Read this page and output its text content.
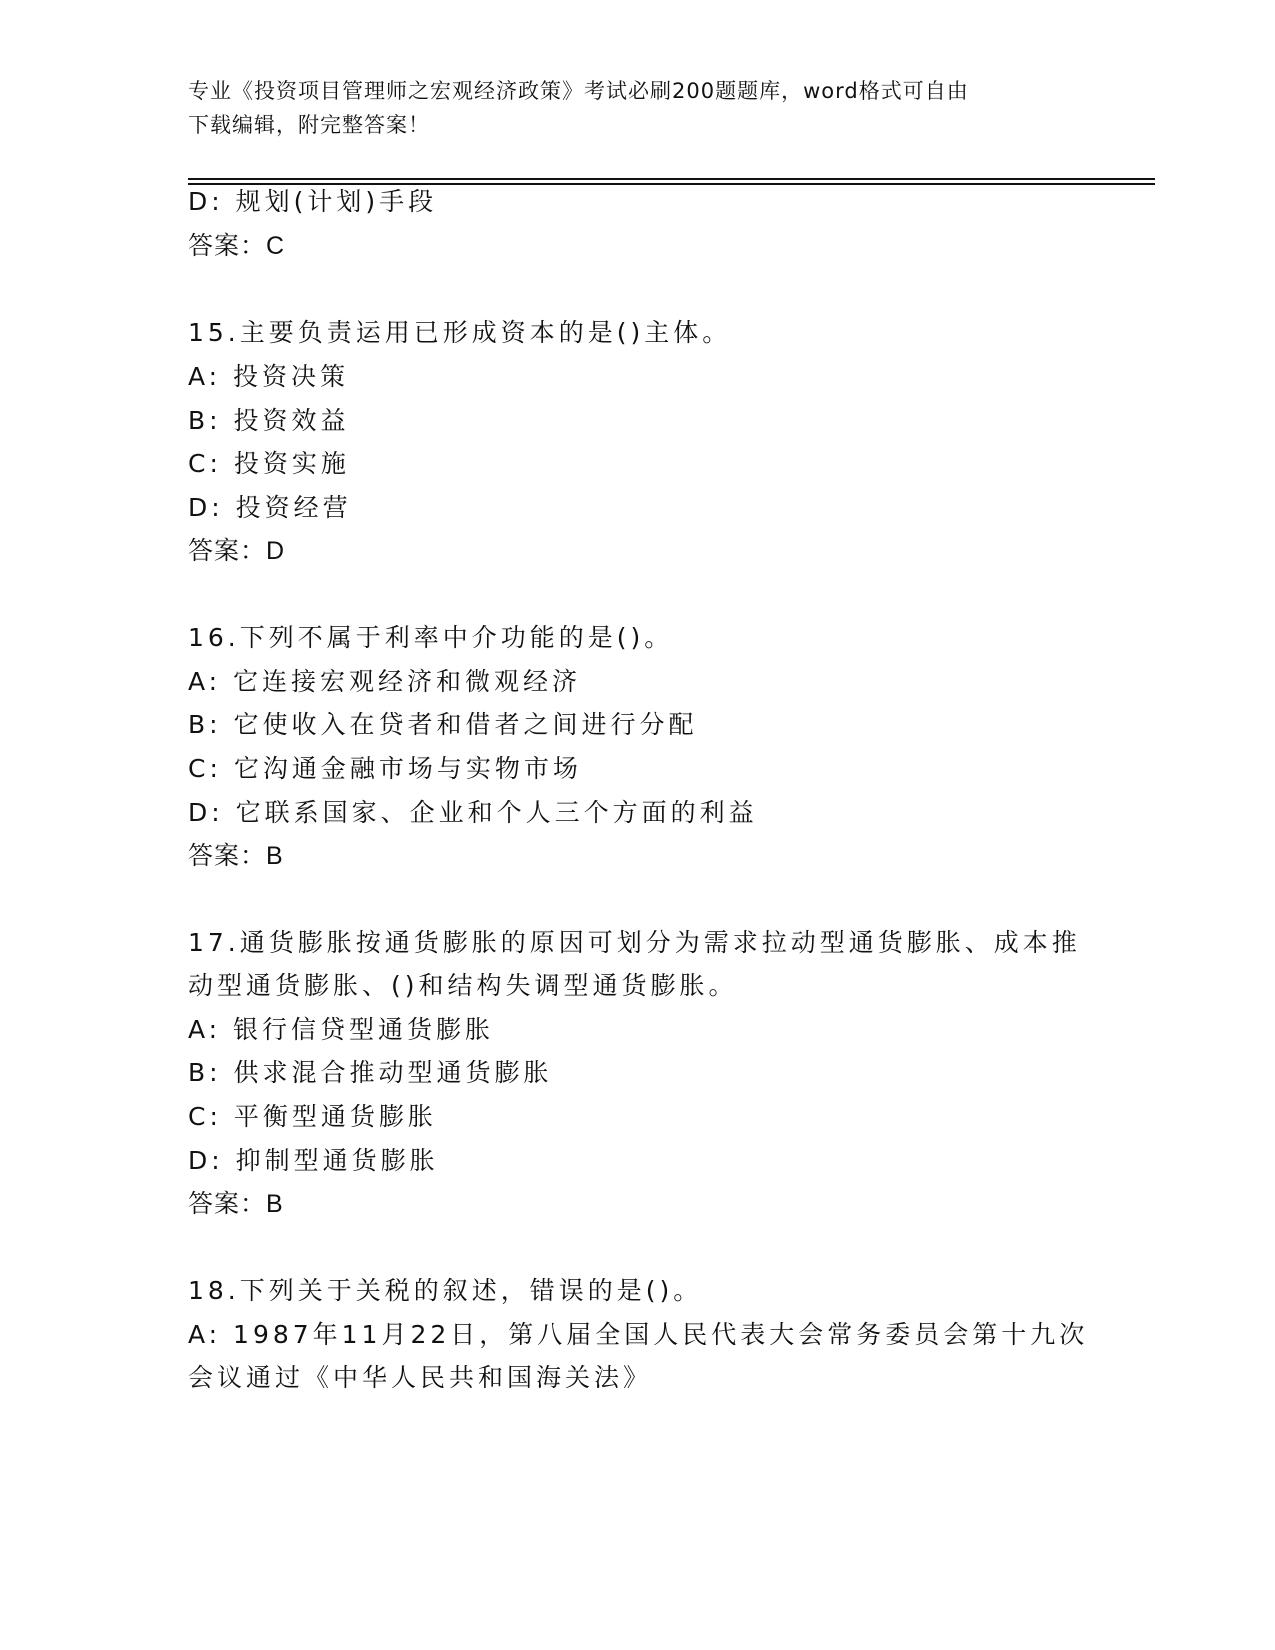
专业《投资项目管理师之宏观经济政策》考试必刷200题题库，word格式可自由
下载编辑，附完整答案！
D: 规划(计划)手段
答案：C
15.主要负责运用已形成资本的是()主体。
A: 投资决策
B: 投资效益
C: 投资实施
D: 投资经营
答案：D
16.下列不属于利率中介功能的是()。
A: 它连接宏观经济和微观经济
B: 它使收入在贷者和借者之间进行分配
C: 它沟通金融市场与实物市场
D: 它联系国家、企业和个人三个方面的利益
答案：B
17.通货膨胀按通货膨胀的原因可划分为需求拉动型通货膨胀、成本推
动型通货膨胀、()和结构失调型通货膨胀。
A: 银行信贷型通货膨胀
B: 供求混合推动型通货膨胀
C: 平衡型通货膨胀
D: 抑制型通货膨胀
答案：B
18.下列关于关税的叙述，错误的是()。
A: 1987年11月22日，第八届全国人民代表大会常务委员会第十九次
会议通过《中华人民共和国海关法》
